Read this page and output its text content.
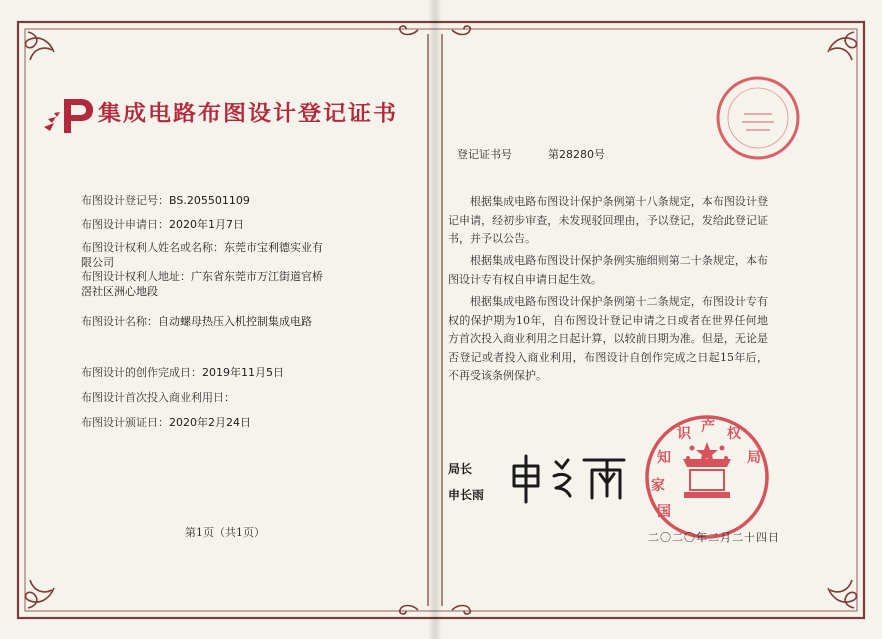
集成电路布图设计登记证书
布图设计登记号：BS.205501109
布图设计申请日：2020年1月7日
布图设计权利人姓名或名称：东莞市宝利德实业有
限公司
布图设计权利人地址：广东省东莞市万江街道官桥
滘社区洲心地段
布图设计名称：自动螺母热压入机控制集成电路
布图设计的创作完成日：2019年11月5日
布图设计首次投入商业利用日：
布图设计颁证日：2020年2月24日
第1页（共1页）
登记证书号	第28280号
根据集成电路布图设计保护条例第十八条规定，本布图设计登记申请，经初步审查，未发现驳回理由，予以登记，发给此登记证书，并予以公告。
根据集成电路布图设计保护条例实施细则第二十条规定，本布图设计专有权自申请日起生效。
根据集成电路布图设计保护条例第十二条规定，布图设计专有权的保护期为10年，自布图设计登记申请之日或者在世界任何地方首次投入商业利用之日起计算，以较前日期为准。但是，无论是否登记或者投入商业利用，布图设计自创作完成之日起15年后，不再受该条例保护。
局长
申长雨
国
家
知
识 产 权
局
二〇二〇年二月二十四日
